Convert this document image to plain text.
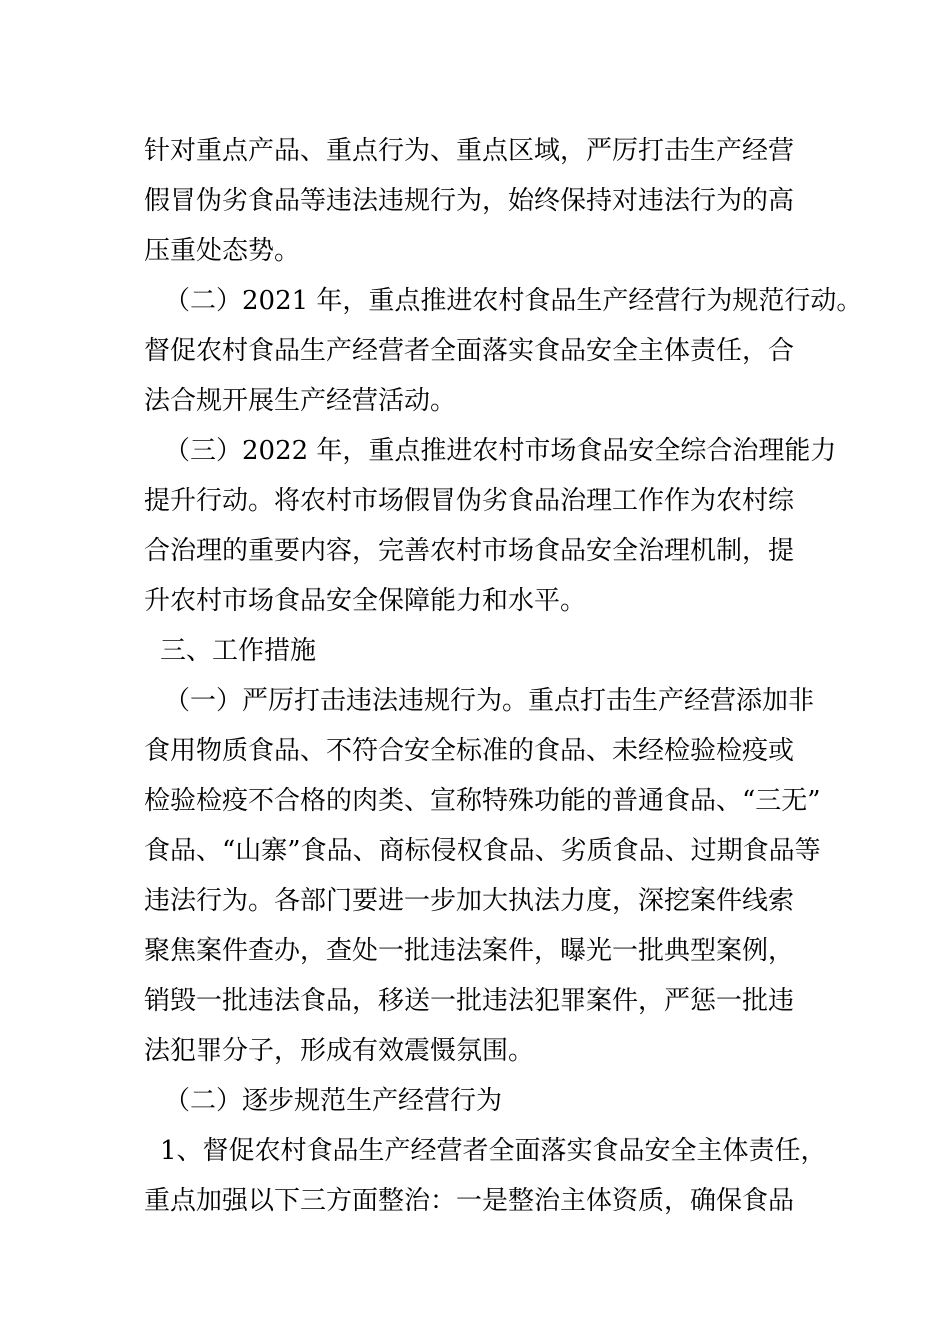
针对重点产品、重点行为、重点区域，严厉打击生产经营
假冒伪劣食品等违法违规行为，始终保持对违法行为的高
压重处态势。
（二）2021 年，重点推进农村食品生产经营行为规范行动。
督促农村食品生产经营者全面落实食品安全主体责任，合
法合规开展生产经营活动。
（三）2022 年，重点推进农村市场食品安全综合治理能力
提升行动。将农村市场假冒伪劣食品治理工作作为农村综
合治理的重要内容，完善农村市场食品安全治理机制，提
升农村市场食品安全保障能力和水平。
三、工作措施
（一）严厉打击违法违规行为。重点打击生产经营添加非
食用物质食品、不符合安全标准的食品、未经检验检疫或
检验检疫不合格的肉类、宣称特殊功能的普通食品、“三无”
食品、“山寨”食品、商标侵权食品、劣质食品、过期食品等
违法行为。各部门要进一步加大执法力度，深挖案件线索
聚焦案件查办，查处一批违法案件，曝光一批典型案例，
销毁一批违法食品，移送一批违法犯罪案件，严惩一批违
法犯罪分子，形成有效震慑氛围。
（二）逐步规范生产经营行为
1、督促农村食品生产经营者全面落实食品安全主体责任，
重点加强以下三方面整治：一是整治主体资质，确保食品
